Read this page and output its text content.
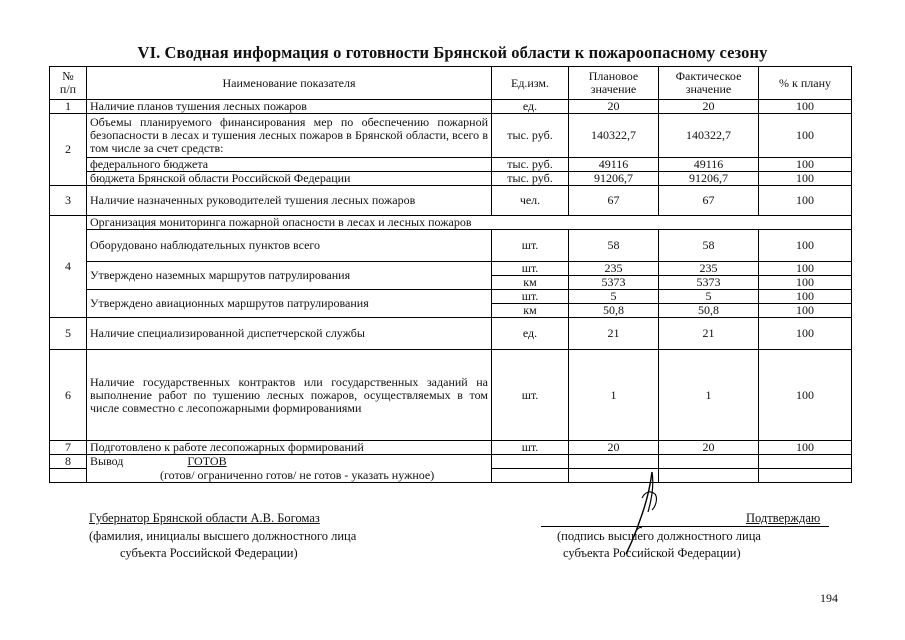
VI. Сводная информация о готовности Брянской области к пожароопасному сезону
№
п/п	Наименование показателя	Ед.изм.	Плановое значение	Фактическое значение	% к плану
1	Наличие планов тушения лесных пожаров	ед.	20	20	100
2	Объемы планируемого финансирования мер по обеспечению пожарной безопасности в лесах и тушения лесных пожаров в Брянской области, всего в том числе за счет средств:	тыс. руб.	140322,7	140322,7	100
	федерального бюджета	тыс. руб.	49116	49116	100
	бюджета Брянской области Российской Федерации	тыс. руб.	91206,7	91206,7	100
3	Наличие назначенных руководителей тушения лесных пожаров	чел.	67	67	100
4	Организация мониторинга пожарной опасности в лесах и лесных пожаров				
	Оборудовано наблюдательных пунктов всего	шт.	58	58	100
	Утверждено наземных маршрутов патрулирования	шт.	235	235	100
		км	5373	5373	100
	Утверждено авиационных маршрутов патрулирования	шт.	5	5	100
		км	50,8	50,8	100
5	Наличие специализированной диспетчерской службы	ед.	21	21	100
6	Наличие государственных контрактов или государственных заданий на выполнение работ по тушению лесных пожаров, осуществляемых в том числе совместно с лесопожарными формированиями	шт.	1	1	100
7	Подготовлено к работе лесопожарных формирований	шт.	20	20	100
8	Вывод ГОТОВ				
	(готов/ ограниченно готов/ не готов - указать нужное)				
Губернатор Брянской области А.В. Богомаз
(фамилия, инициалы высшего должностного лица
субъекта Российской Федерации)
Подтверждаю
(подпись высшего должностного лица
субъекта Российской Федерации)
194
